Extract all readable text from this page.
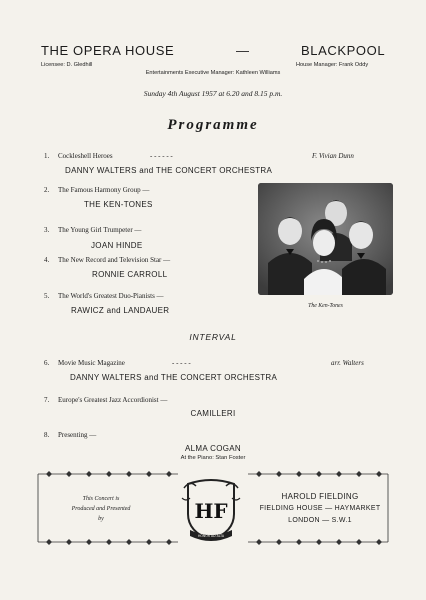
THE OPERA HOUSE	—	BLACKPOOL
Licensee: D. Gledhill	House Manager: Frank Oddy
Entertainments Executive Manager: Kathleen Williams
Sunday 4th August 1957 at 6.20 and 8.15 p.m.
Programme
1. Cockleshell Heroes	- - - - - -	F. Vivian Dunn
DANNY WALTERS and THE CONCERT ORCHESTRA
2. The Famous Harmony Group —
THE KEN-TONES
3. The Young Girl Trumpeter —
JOAN HINDE
4. The New Record and Television Star —
RONNIE CARROLL
5. The World's Greatest Duo-Pianists —
RAWICZ and LANDAUER	The Ken-Tones
INTERVAL
6. Movie Music Magazine	- - - - -	arr. Walters
DANNY WALTERS and THE CONCERT ORCHESTRA
7. Europe's Greatest Jazz Accordionist —
CAMILLERI
8. Presenting —
ALMA COGAN
At the Piano: Stan Foster
This Concert is
Produced and Presented
by	HF
HONOR AD ALTA
HAROLD FIELDING
FIELDING HOUSE — HAYMARKET
LONDON — S.W.1
